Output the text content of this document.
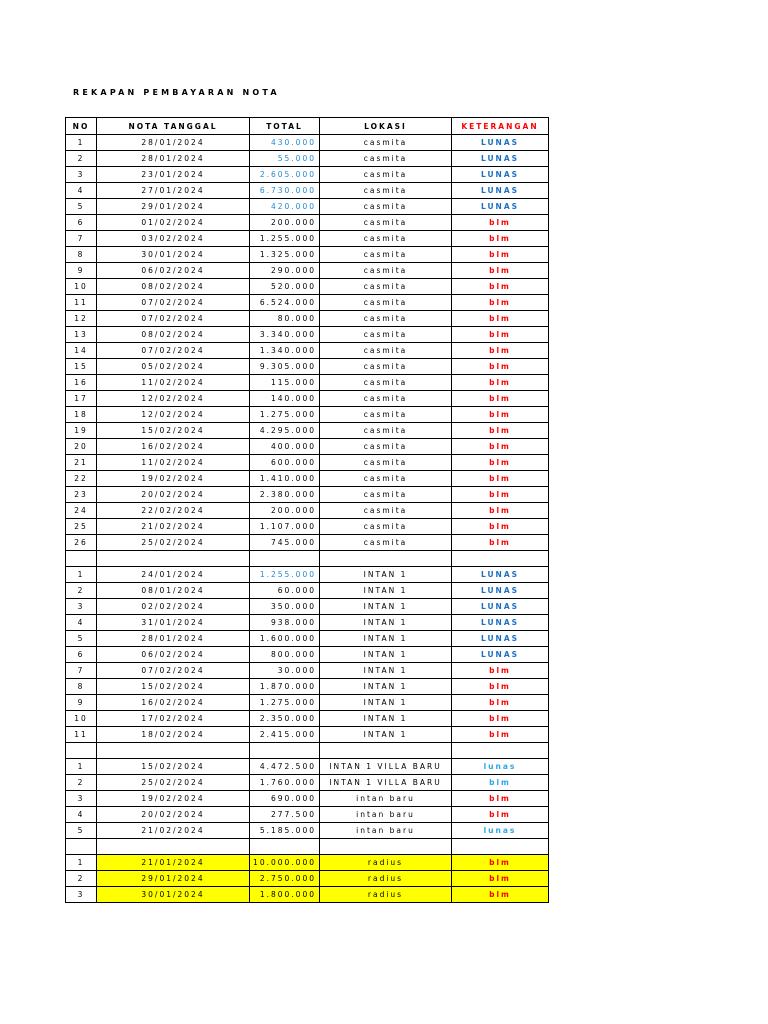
REKAPAN PEMBAYARAN NOTA
NO	NOTA TANGGAL	TOTAL	LOKASI	KETERANGAN
1	28/01/2024	430.000	casmita	LUNAS
2	28/01/2024	55.000	casmita	LUNAS
3	23/01/2024	2.605.000	casmita	LUNAS
4	27/01/2024	6.730.000	casmita	LUNAS
5	29/01/2024	420.000	casmita	LUNAS
6	01/02/2024	200.000	casmita	blm
7	03/02/2024	1.255.000	casmita	blm
8	30/01/2024	1.325.000	casmita	blm
9	06/02/2024	290.000	casmita	blm
10	08/02/2024	520.000	casmita	blm
11	07/02/2024	6.524.000	casmita	blm
12	07/02/2024	80.000	casmita	blm
13	08/02/2024	3.340.000	casmita	blm
14	07/02/2024	1.340.000	casmita	blm
15	05/02/2024	9.305.000	casmita	blm
16	11/02/2024	115.000	casmita	blm
17	12/02/2024	140.000	casmita	blm
18	12/02/2024	1.275.000	casmita	blm
19	15/02/2024	4.295.000	casmita	blm
20	16/02/2024	400.000	casmita	blm
21	11/02/2024	600.000	casmita	blm
22	19/02/2024	1.410.000	casmita	blm
23	20/02/2024	2.380.000	casmita	blm
24	22/02/2024	200.000	casmita	blm
25	21/02/2024	1.107.000	casmita	blm
26	25/02/2024	745.000	casmita	blm

1	24/01/2024	1.255.000	INTAN 1	LUNAS
2	08/01/2024	60.000	INTAN 1	LUNAS
3	02/02/2024	350.000	INTAN 1	LUNAS
4	31/01/2024	938.000	INTAN 1	LUNAS
5	28/01/2024	1.600.000	INTAN 1	LUNAS
6	06/02/2024	800.000	INTAN 1	LUNAS
7	07/02/2024	30.000	INTAN 1	blm
8	15/02/2024	1.870.000	INTAN 1	blm
9	16/02/2024	1.275.000	INTAN 1	blm
10	17/02/2024	2.350.000	INTAN 1	blm
11	18/02/2024	2.415.000	INTAN 1	blm

1	15/02/2024	4.472.500	INTAN 1 VILLA BARU	lunas
2	25/02/2024	1.760.000	INTAN 1 VILLA BARU	blm
3	19/02/2024	690.000	intan baru	blm
4	20/02/2024	277.500	intan baru	blm
5	21/02/2024	5.185.000	intan baru	lunas

1	21/01/2024	10.000.000	radius	blm
2	29/01/2024	2.750.000	radius	blm
3	30/01/2024	1.800.000	radius	blm
